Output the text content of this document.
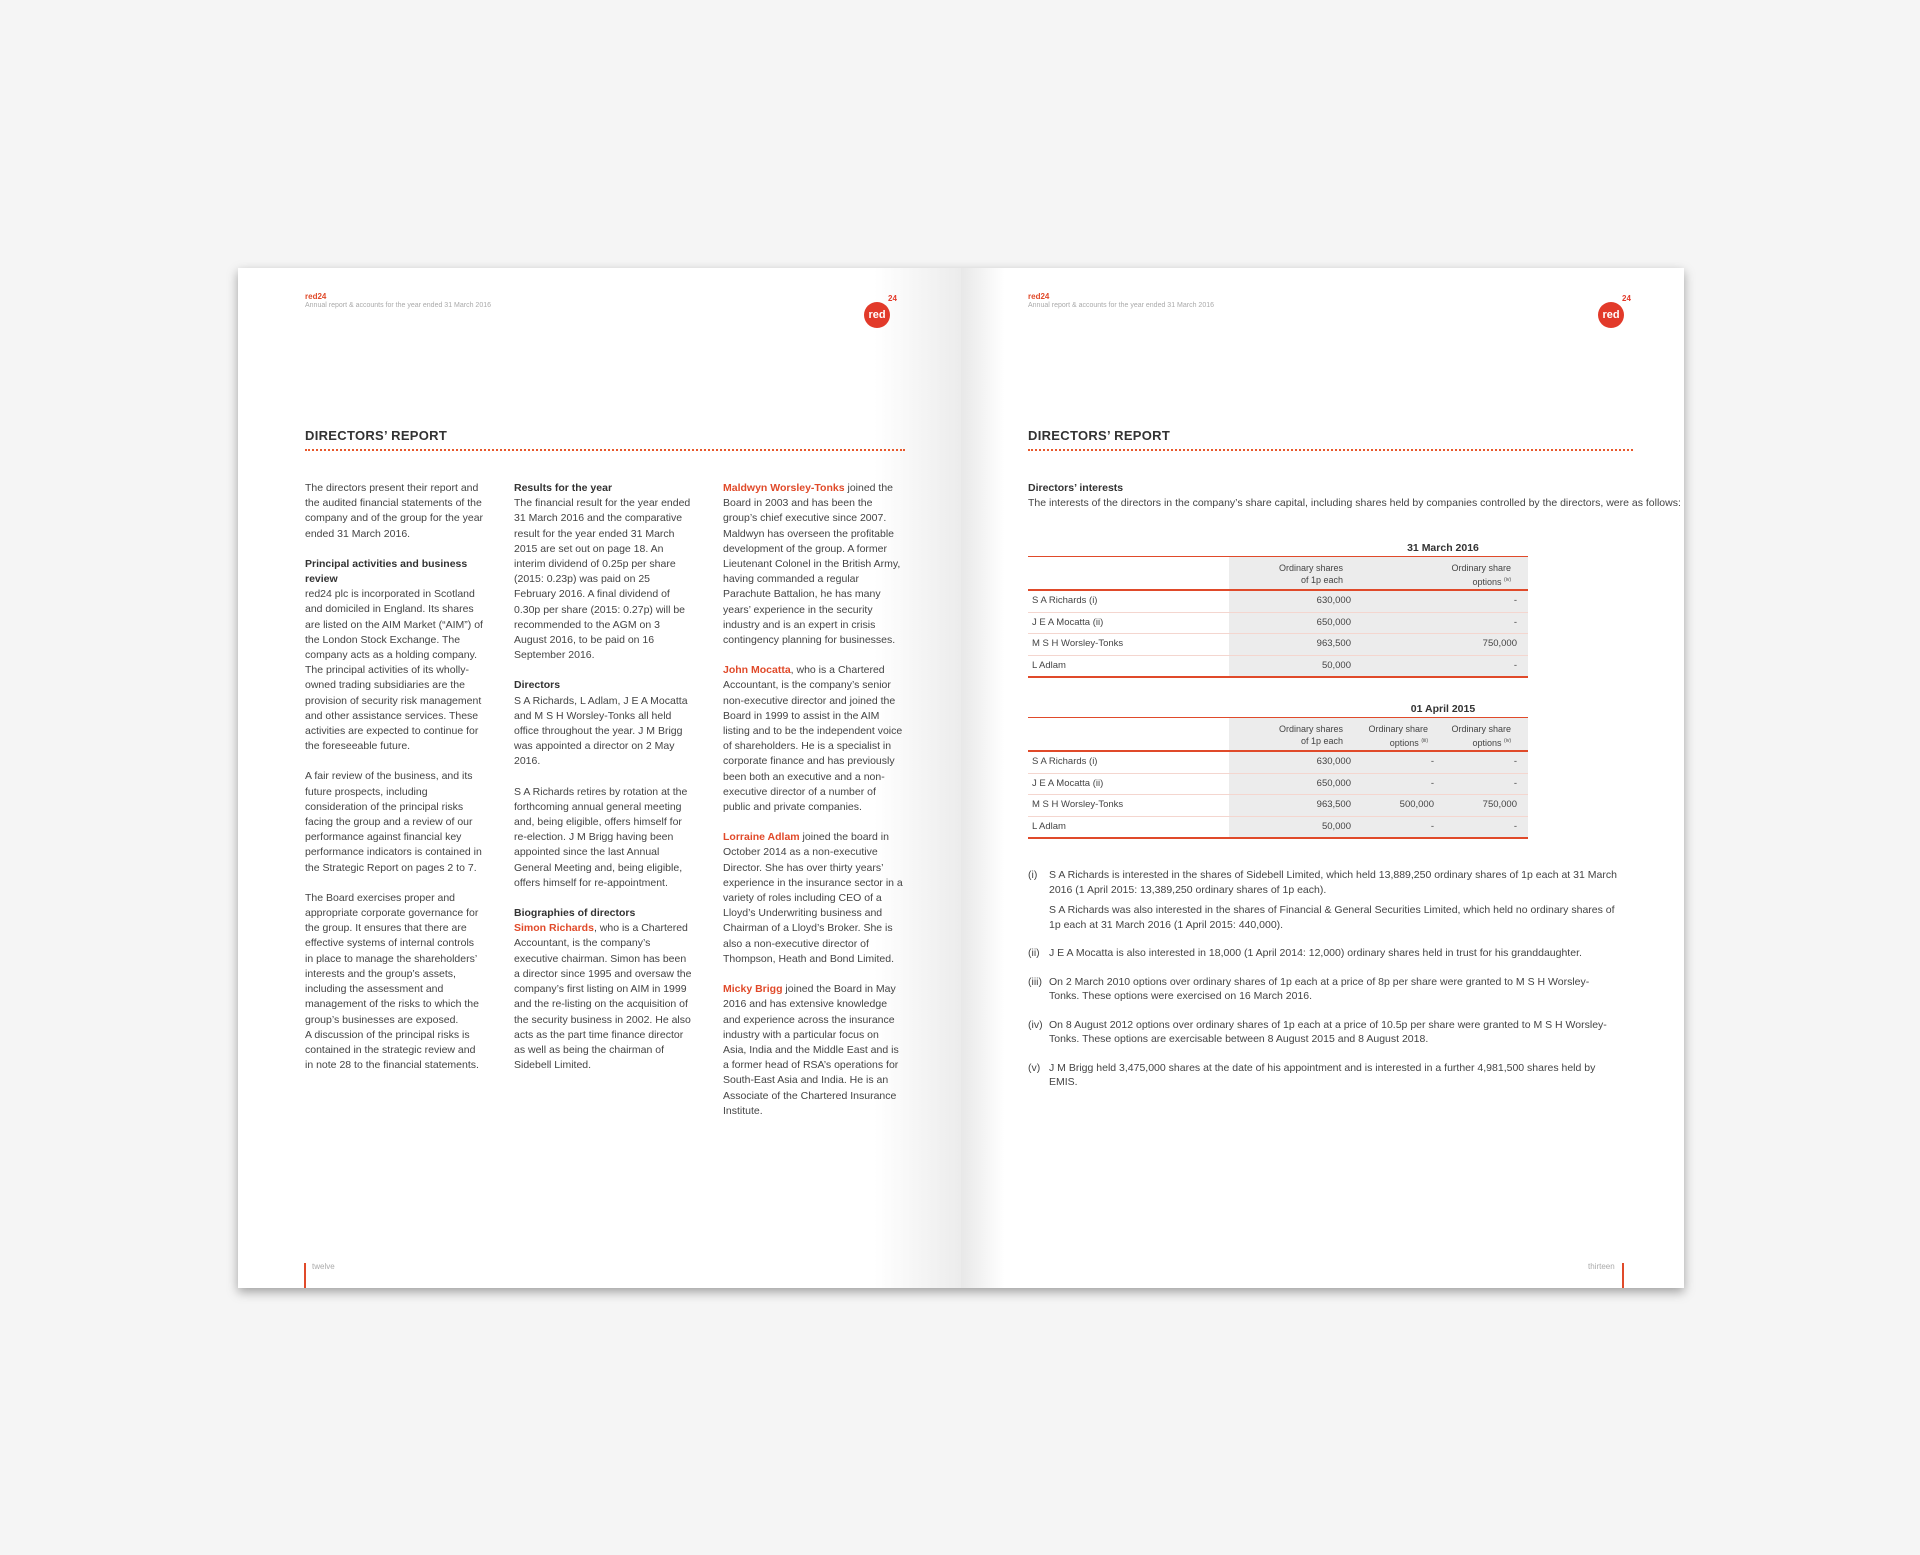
red24
Annual report & accounts for the year ended 31 March 2016
red
24
DIRECTORS’ REPORT

The directors present their report and the audited financial statements of the company and of the group for the year ended 31 March 2016.

Principal activities and business review
red24 plc is incorporated in Scotland and domiciled in England. Its shares are listed on the AIM Market (“AIM”) of the London Stock Exchange. The company acts as a holding company. The principal activities of its wholly-owned trading subsidiaries are the provision of security risk management and other assistance services. These activities are expected to continue for the foreseeable future.

A fair review of the business, and its future prospects, including consideration of the principal risks facing the group and a review of our performance against financial key performance indicators is contained in the Strategic Report on pages 2 to 7.

The Board exercises proper and appropriate corporate governance for the group. It ensures that there are effective systems of internal controls in place to manage the shareholders’ interests and the group’s assets, including the assessment and management of the risks to which the group’s businesses are exposed.
A discussion of the principal risks is contained in the strategic review and in note 28 to the financial statements.

Results for the year
The financial result for the year ended 31 March 2016 and the comparative result for the year ended 31 March 2015 are set out on page 18. An interim dividend of 0.25p per share (2015: 0.23p) was paid on 25 February 2016. A final dividend of 0.30p per share (2015: 0.27p) will be recommended to the AGM on 3 August 2016, to be paid on 16 September 2016.

Directors
S A Richards, L Adlam, J E A Mocatta and M S H Worsley-Tonks all held office throughout the year. J M Brigg was appointed a director on 2 May 2016.

S A Richards retires by rotation at the forthcoming annual general meeting and, being eligible, offers himself for re-election. J M Brigg having been appointed since the last Annual General Meeting and, being eligible, offers himself for re-appointment.

Biographies of directors
Simon Richards, who is a Chartered Accountant, is the company’s executive chairman. Simon has been a director since 1995 and oversaw the company’s first listing on AIM in 1999 and the re-listing on the acquisition of the security business in 2002. He also acts as the part time finance director as well as being the chairman of Sidebell Limited.

Maldwyn Worsley-Tonks joined the Board in 2003 and has been the group’s chief executive since 2007. Maldwyn has overseen the profitable development of the group. A former Lieutenant Colonel in the British Army, having commanded a regular Parachute Battalion, he has many years’ experience in the security industry and is an expert in crisis contingency planning for businesses.

John Mocatta, who is a Chartered Accountant, is the company’s senior non-executive director and joined the Board in 1999 to assist in the AIM listing and to be the independent voice of shareholders. He is a specialist in corporate finance and has previously been both an executive and a non-executive director of a number of public and private companies.

Lorraine Adlam joined the board in October 2014 as a non-executive Director. She has over thirty years’ experience in the insurance sector in a variety of roles including CEO of a Lloyd’s Underwriting business and Chairman of a Lloyd’s Broker. She is also a non-executive director of Thompson, Heath and Bond Limited.

Micky Brigg joined the Board in May 2016 and has extensive knowledge and experience across the insurance industry with a particular focus on Asia, India and the Middle East and is a former head of RSA’s operations for South-East Asia and India. He is an Associate of the Chartered Insurance Institute.

twelve
red24
Annual report & accounts for the year ended 31 March 2016
red
24
DIRECTORS’ REPORT
Directors’ interests
The interests of the directors in the company’s share capital, including shares held by companies controlled by the directors, were as follows:
31 March 2016
Ordinary shares
of 1p each
Ordinary share
options $^{(iv)}$
S A Richards (i)	630,000	-
J E A Mocatta (ii)	650,000	-
M S H Worsley-Tonks	963,500	750,000
L Adlam	50,000	-
01 April 2015
Ordinary shares
of 1p each
Ordinary share
options $^{(iii)}$
Ordinary share
options $^{(iv)}$
S A Richards (i)	630,000	-	-
J E A Mocatta (ii)	650,000	-	-
M S H Worsley-Tonks	963,500	500,000	750,000
L Adlam	50,000	-	-
(i) S A Richards is interested in the shares of Sidebell Limited, which held 13,889,250 ordinary shares of 1p each at 31 March 2016 (1 April 2015: 13,389,250 ordinary shares of 1p each).
S A Richards was also interested in the shares of Financial & General Securities Limited, which held no ordinary shares of 1p each at 31 March 2016 (1 April 2015: 440,000).
(ii) J E A Mocatta is also interested in 18,000 (1 April 2014: 12,000) ordinary shares held in trust for his granddaughter.
(iii) On 2 March 2010 options over ordinary shares of 1p each at a price of 8p per share were granted to M S H Worsley-Tonks. These options were exercised on 16 March 2016.
(iv) On 8 August 2012 options over ordinary shares of 1p each at a price of 10.5p per share were granted to M S H Worsley-Tonks. These options are exercisable between 8 August 2015 and 8 August 2018.
(v) J M Brigg held 3,475,000 shares at the date of his appointment and is interested in a further 4,981,500 shares held by EMIS.
thirteen
